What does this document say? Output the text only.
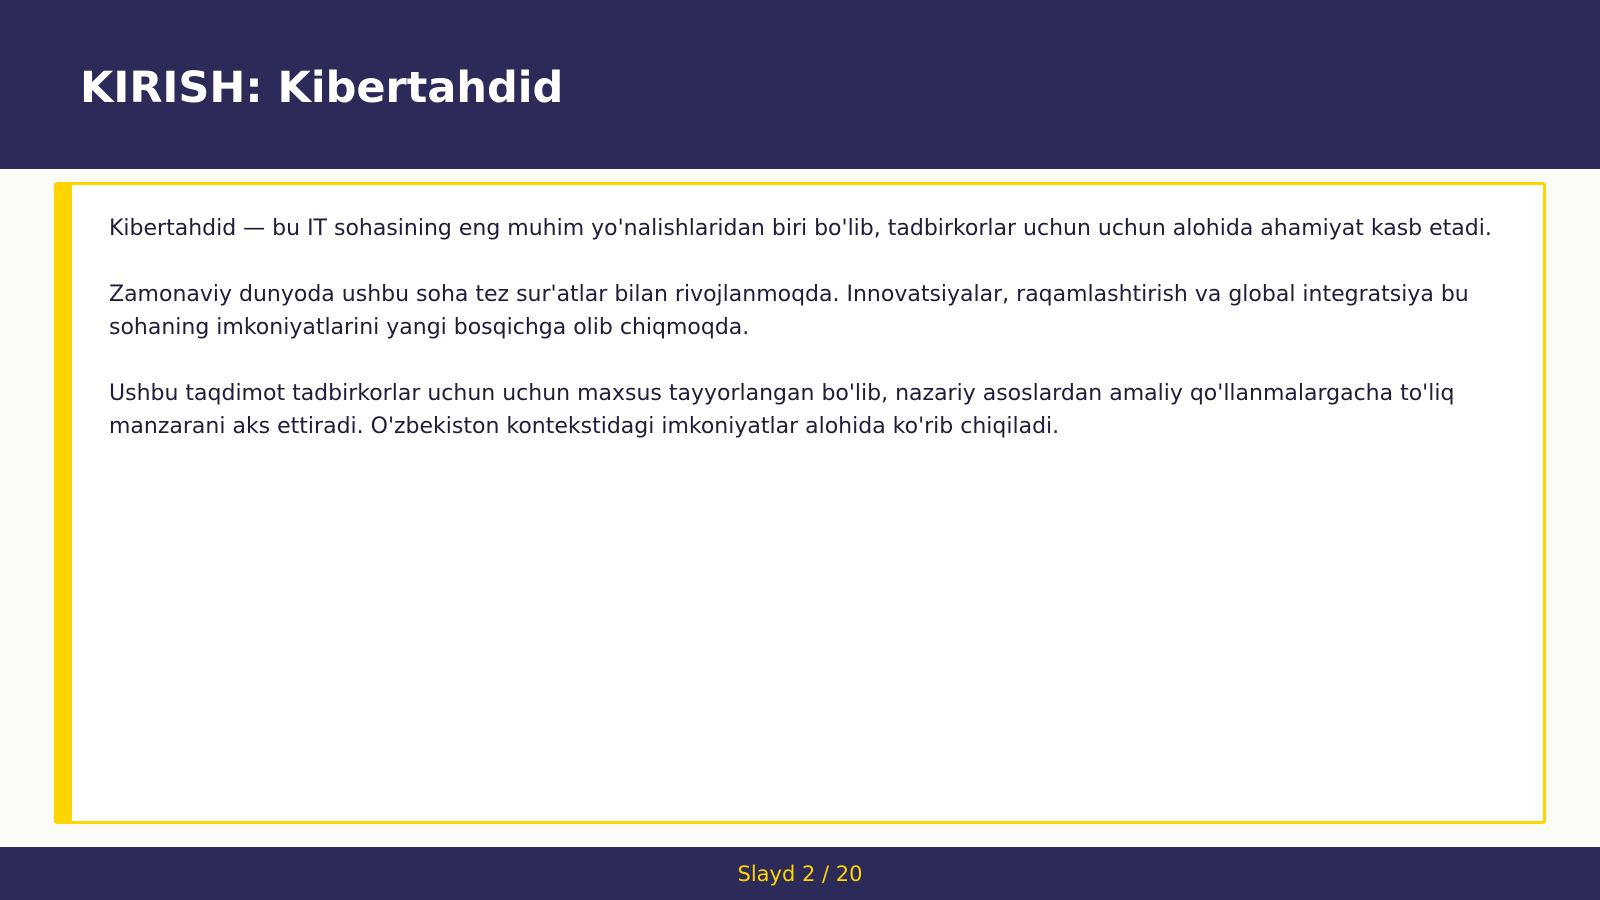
KIRISH: Kibertahdid

Kibertahdid — bu IT sohasining eng muhim yo'nalishlaridan biri bo'lib, tadbirkorlar uchun uchun alohida ahamiyat kasb etadi.

Zamonaviy dunyoda ushbu soha tez sur'atlar bilan rivojlanmoqda. Innovatsiyalar, raqamlashtirish va global integratsiya bu sohaning imkoniyatlarini yangi bosqichga olib chiqmoqda.

Ushbu taqdimot tadbirkorlar uchun uchun maxsus tayyorlangan bo'lib, nazariy asoslardan amaliy qo'llanmalargacha to'liq manzarani aks ettiradi. O'zbekiston kontekstidagi imkoniyatlar alohida ko'rib chiqiladi.

Slayd 2 / 20
